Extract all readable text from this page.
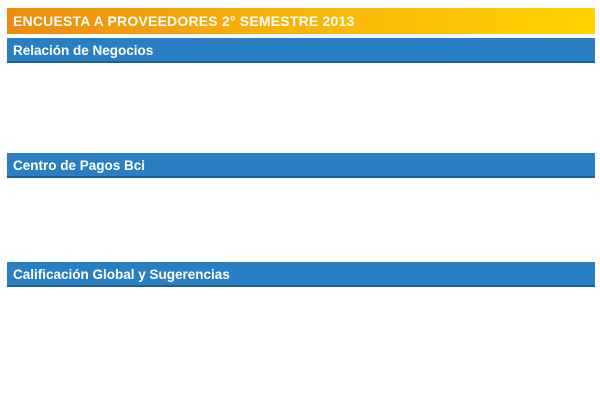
ENCUESTA A PROVEEDORES 2° SEMESTRE 2013
Relación de Negocios
Centro de Pagos Bci
Calificación Global y Sugerencias
